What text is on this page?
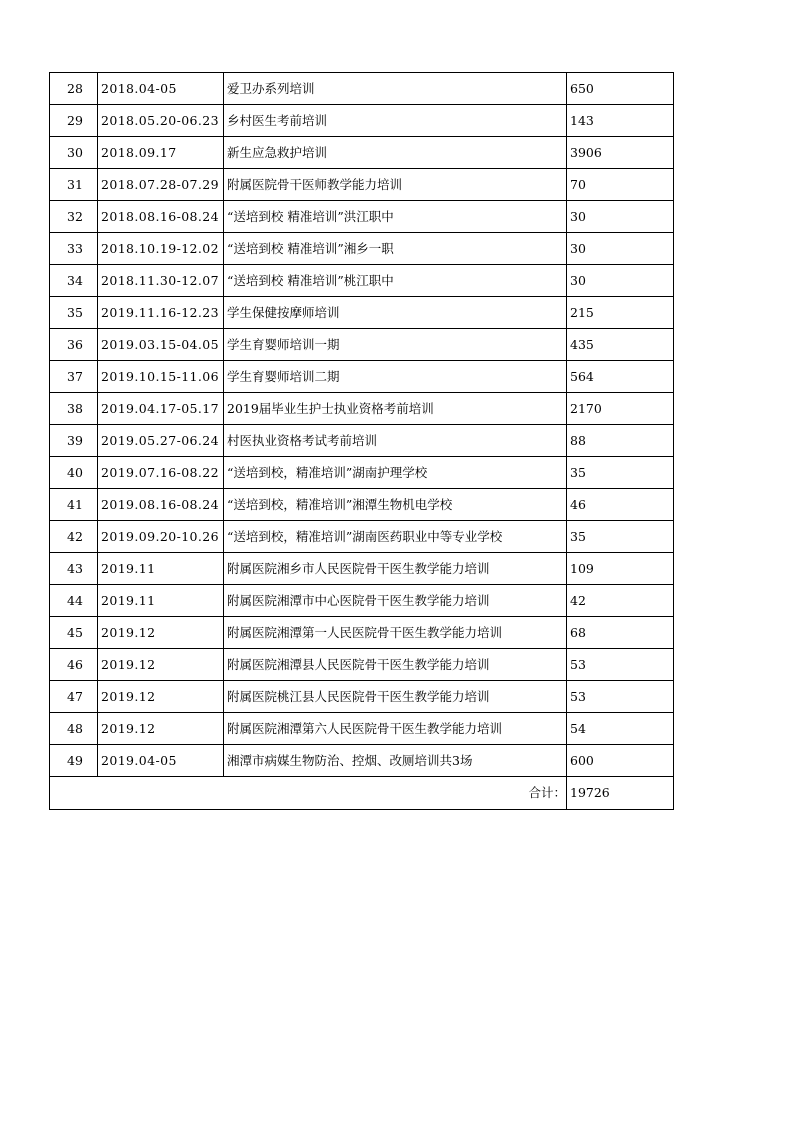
28	2018.04-05	爱卫办系列培训	650
29	2018.05.20-06.23	乡村医生考前培训	143
30	2018.09.17	新生应急救护培训	3906
31	2018.07.28-07.29	附属医院骨干医师教学能力培训	70
32	2018.08.16-08.24	“送培到校 精准培训”洪江职中	30
33	2018.10.19-12.02	“送培到校 精准培训”湘乡一职	30
34	2018.11.30-12.07	“送培到校 精准培训”桃江职中	30
35	2019.11.16-12.23	学生保健按摩师培训	215
36	2019.03.15-04.05	学生育婴师培训一期	435
37	2019.10.15-11.06	学生育婴师培训二期	564
38	2019.04.17-05.17	2019届毕业生护士执业资格考前培训	2170
39	2019.05.27-06.24	村医执业资格考试考前培训	88
40	2019.07.16-08.22	“送培到校，精准培训”湖南护理学校	35
41	2019.08.16-08.24	“送培到校，精准培训”湘潭生物机电学校	46
42	2019.09.20-10.26	“送培到校，精准培训”湖南医药职业中等专业学校	35
43	2019.11	附属医院湘乡市人民医院骨干医生教学能力培训	109
44	2019.11	附属医院湘潭市中心医院骨干医生教学能力培训	42
45	2019.12	附属医院湘潭第一人民医院骨干医生教学能力培训	68
46	2019.12	附属医院湘潭县人民医院骨干医生教学能力培训	53
47	2019.12	附属医院桃江县人民医院骨干医生教学能力培训	53
48	2019.12	附属医院湘潭第六人民医院骨干医生教学能力培训	54
49	2019.04-05	湘潭市病媒生物防治、控烟、改厕培训共3场	600
合计：			19726
